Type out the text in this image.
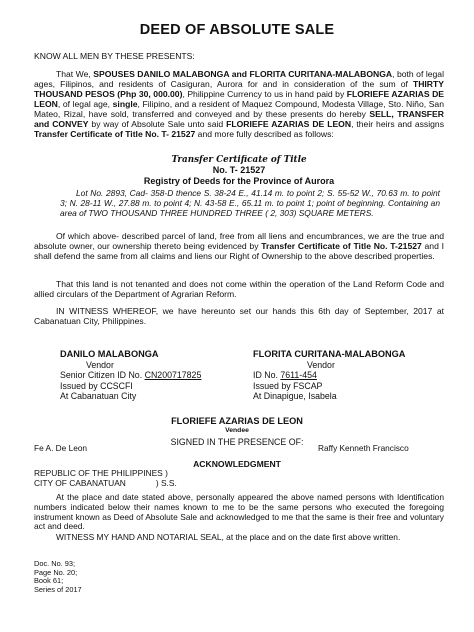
DEED OF ABSOLUTE SALE
KNOW ALL MEN BY THESE PRESENTS:
That We, SPOUSES DANILO MALABONGA and FLORITA CURITANA-MALABONGA, both of legal ages, Filipinos, and residents of Casiguran, Aurora for and in consideration of the sum of THIRTY THOUSAND PESOS (Php 30, 000.00), Philippine Currency to us in hand paid by FLORIEFE AZARIAS DE LEON, of legal age, single, Filipino, and a resident of Maquez Compound, Modesta Village, Sto. Niño, San Mateo, Rizal, have sold, transferred and conveyed and by these presents do hereby SELL, TRANSFER and CONVEY by way of Absolute Sale unto said FLORIEFE AZARIAS DE LEON, their heirs and assigns Transfer Certificate of Title No. T- 21527 and more fully described as follows:
Transfer Certificate of Title
No. T- 21527
Registry of Deeds for the Province of Aurora
Lot No. 2893, Cad- 358-D thence S. 38-24 E., 41.14 m. to point 2; S. 55-52 W., 70.63 m. to point 3; N. 28-11 W., 27.88 m. to point 4; N. 43-58 E., 65.11 m. to point 1; point of beginning. Containing an area of TWO THOUSAND THREE HUNDRED THREE ( 2, 303) SQUARE METERS.
Of which above- described parcel of land, free from all liens and encumbrances, we are the true and absolute owner, our ownership thereto being evidenced by Transfer Certificate of Title No. T-21527 and I shall defend the same from all claims and liens our Right of Ownership to the above described properties.
That this land is not tenanted and does not come within the operation of the Land Reform Code and allied circulars of the Department of Agrarian Reform.
IN WITNESS WHEREOF, we have hereunto set our hands this 6th day of September, 2017 at Cabanatuan City, Philippines.
DANILO MALABONGA
Vendor
Senior Citizen ID No. CN200717825
Issued by CCSCFI
At Cabanatuan City
FLORITA CURITANA-MALABONGA
Vendor
ID No. 7611-454
Issued by FSCAP
At Dinapigue, Isabela
FLORIEFE AZARIAS DE LEON
Vendee
SIGNED IN THE PRESENCE OF:
Fe A. De Leon	Raffy Kenneth Francisco
ACKNOWLEDGMENT
REPUBLIC OF THE PHILIPPINES )
CITY OF CABANATUAN	) S.S.
At the place and date stated above, personally appeared the above named persons with Identification numbers indicated below their names known to me to be the same persons who executed the foregoing instrument known as Deed of Absolute Sale and acknowledged to me that the same is their free and voluntary act and deed.
WITNESS MY HAND AND NOTARIAL SEAL, at the place and on the date first above written.
Doc. No. 93;
Page No. 20;
Book 61;
Series of 2017
